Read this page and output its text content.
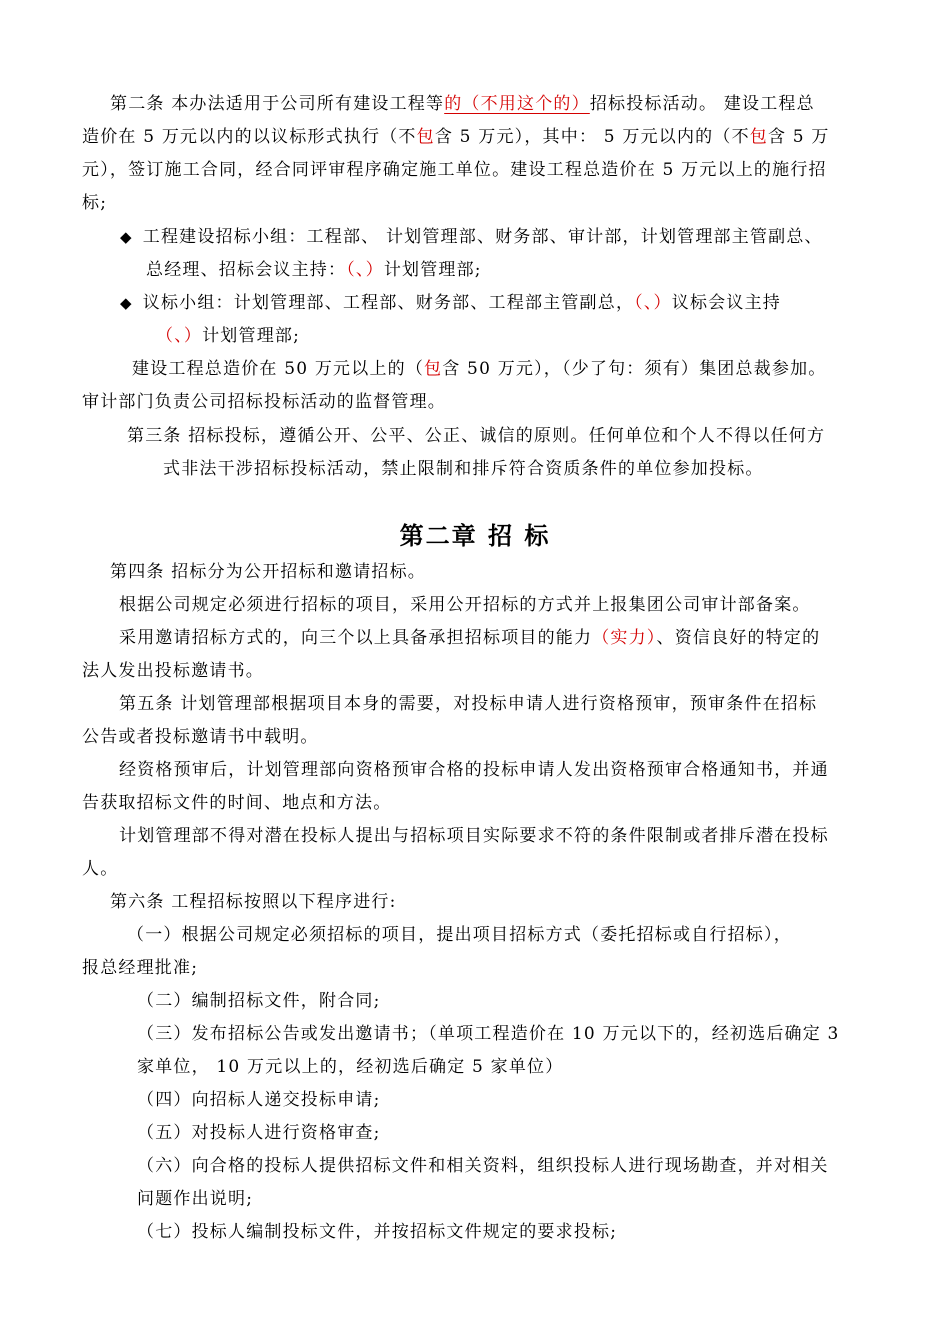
第二条 本办法适用于公司所有建设工程等的（不用这个的）招标投标活动。 建设工程总
造价在 5 万元以内的以议标形式执行（不包含 5 万元），其中： 5 万元以内的（不包含 5 万
元），签订施工合同，经合同评审程序确定施工单位。建设工程总造价在 5 万元以上的施行招
标;
◆ 工程建设招标小组：工程部、 计划管理部、财务部、审计部，计划管理部主管副总、
总经理、招标会议主持：（、）计划管理部;
◆ 议标小组：计划管理部、工程部、财务部、工程部主管副总，（、）议标会议主持
（、）计划管理部;
建设工程总造价在 50 万元以上的（包含 50 万元），（少了句：须有）集团总裁参加。
审计部门负责公司招标投标活动的监督管理。
第三条 招标投标，遵循公开、公平、公正、诚信的原则。任何单位和个人不得以任何方
式非法干涉招标投标活动，禁止限制和排斥符合资质条件的单位参加投标。
第二章 招 标
第四条 招标分为公开招标和邀请招标。
根据公司规定必须进行招标的项目，采用公开招标的方式并上报集团公司审计部备案。
采用邀请招标方式的，向三个以上具备承担招标项目的能力（实力）、资信良好的特定的
法人发出投标邀请书。
第五条 计划管理部根据项目本身的需要，对投标申请人进行资格预审，预审条件在招标
公告或者投标邀请书中载明。
经资格预审后，计划管理部向资格预审合格的投标申请人发出资格预审合格通知书，并通
告获取招标文件的时间、地点和方法。
计划管理部不得对潜在投标人提出与招标项目实际要求不符的条件限制或者排斥潜在投标
人。
第六条 工程招标按照以下程序进行:
（一）根据公司规定必须招标的项目，提出项目招标方式（委托招标或自行招标），
报总经理批准;
（二）编制招标文件，附合同;
（三）发布招标公告或发出邀请书；（单项工程造价在 10 万元以下的，经初选后确定 3
家单位， 10 万元以上的，经初选后确定 5 家单位）
（四）向招标人递交投标申请;
（五）对投标人进行资格审查;
（六）向合格的投标人提供招标文件和相关资料，组织投标人进行现场勘查，并对相关
问题作出说明;
（七）投标人编制投标文件，并按招标文件规定的要求投标;
